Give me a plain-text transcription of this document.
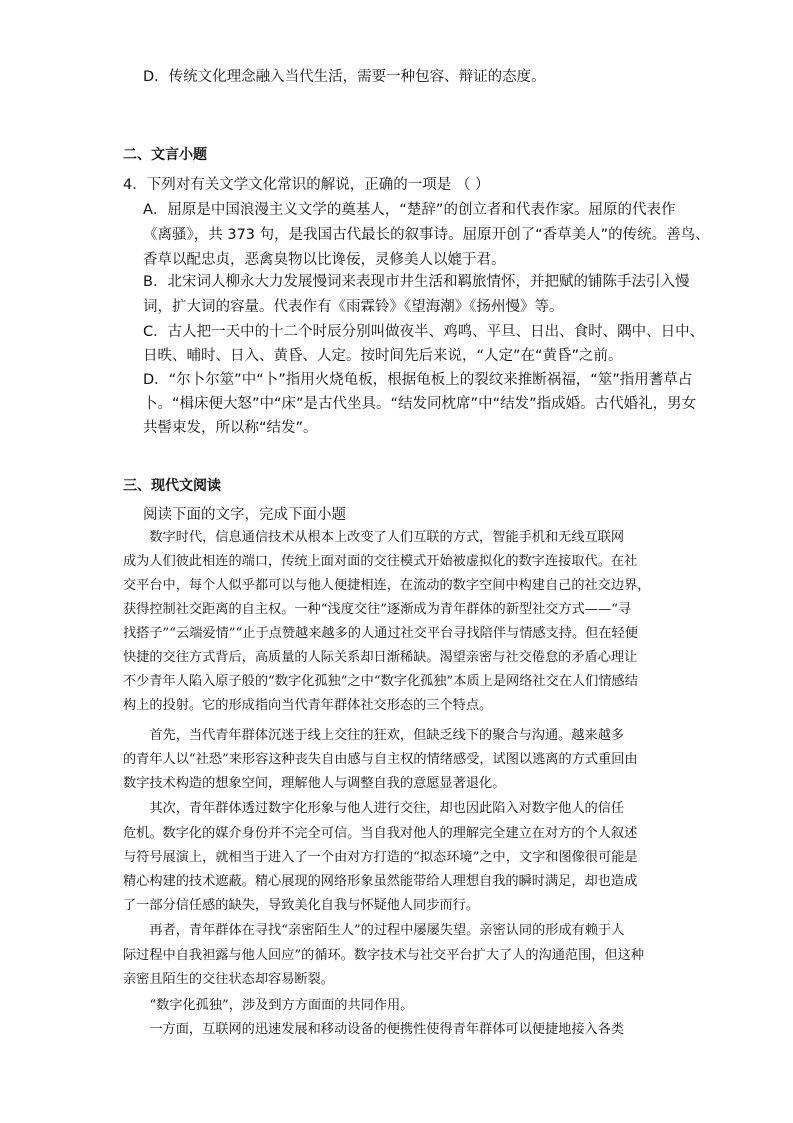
D．传统文化理念融入当代生活，需要一种包容、辩证的态度。
二、文言小题
4．下列对有关文学文化常识的解说，正确的一项是 （ ）
A．屈原是中国浪漫主义文学的奠基人，“楚辞”的创立者和代表作家。屈原的代表作
《离骚》，共 373 句，是我国古代最长的叙事诗。屈原开创了“香草美人”的传统。善鸟、
香草以配忠贞，恶禽臭物以比谗佞，灵修美人以媲于君。
B．北宋词人柳永大力发展慢词来表现市井生活和羁旅情怀，并把赋的铺陈手法引入慢
词，扩大词的容量。代表作有《雨霖铃》《望海潮》《扬州慢》等。
C．古人把一天中的十二个时辰分别叫做夜半、鸡鸣、平旦、日出、食时、隅中、日中、
日昳、晡时、日入、黄昏、人定。按时间先后来说，“人定”在“黄昏”之前。
D．“尔卜尔筮”中“卜”指用火烧龟板，根据龟板上的裂纹来推断祸福，“筮”指用蓍草占
卜。“楫床便大怒”中“床”是古代坐具。“结发同枕席”中“结发”指成婚。古代婚礼，男女
共髻束发，所以称“结发”。
三、现代文阅读
阅读下面的文字，完成下面小题
　　数字时代，信息通信技术从根本上改变了人们互联的方式，智能手机和无线互联网
成为人们彼此相连的端口，传统上面对面的交往模式开始被虚拟化的数字连接取代。在社
交平台中，每个人似乎都可以与他人便捷相连，在流动的数字空间中构建自己的社交边界，
获得控制社交距离的自主权。一种“浅度交往”逐渐成为青年群体的新型社交方式——“寻
找搭子”“云端爱情”“止于点赞越来越多的人通过社交平台寻找陪伴与情感支持。但在轻便
快捷的交往方式背后，高质量的人际关系却日渐稀缺。渴望亲密与社交倦怠的矛盾心理让
不少青年人陷入原子般的“数字化孤独”之中“数字化孤独”本质上是网络社交在人们情感结
构上的投射。它的形成指向当代青年群体社交形态的三个特点。
　　首先，当代青年群体沉迷于线上交往的狂欢，但缺乏线下的聚合与沟通。越来越多
的青年人以“社恐”来形容这种丧失自由感与自主权的情绪感受，试图以逃离的方式重回由
数字技术构造的想象空间，理解他人与调整自我的意愿显著退化。
　　其次，青年群体透过数字化形象与他人进行交往，却也因此陷入对数字他人的信任
危机。数字化的媒介身份并不完全可信。当自我对他人的理解完全建立在对方的个人叙述
与符号展演上，就相当于进入了一个由对方打造的“拟态环境”之中，文字和图像很可能是
精心构建的技术遮蔽。精心展现的网络形象虽然能带给人理想自我的瞬时满足，却也造成
了一部分信任感的缺失，导致美化自我与怀疑他人同步而行。
　　再者，青年群体在寻找“亲密陌生人”的过程中屡屡失望。亲密认同的形成有赖于人
际过程中自我袒露与他人回应”的循环。数字技术与社交平台扩大了人的沟通范围，但这种
亲密且陌生的交往状态却容易断裂。
　　“数字化孤独”，涉及到方方面面的共同作用。
　　一方面，互联网的迅速发展和移动设备的便携性使得青年群体可以便捷地接入各类
